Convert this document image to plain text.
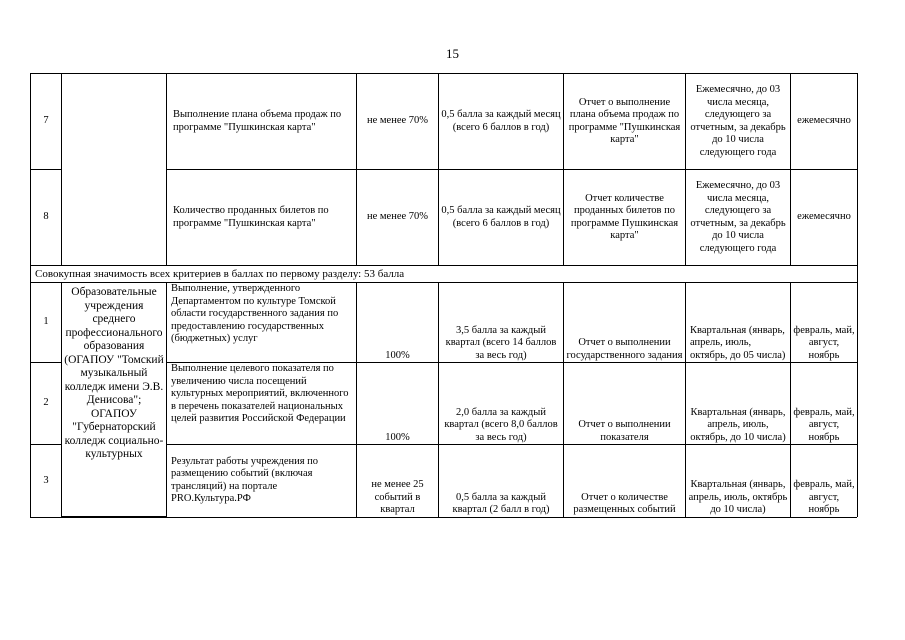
15
7		Выполнение плана объема продаж по программе "Пушкинская карта"	не менее 70%	0,5 балла за каждый месяц (всего 6 баллов в год)	Отчет о выполнение плана объема продаж по программе "Пушкинская карта"	Ежемесячно, до 03 числа месяца, следующего за отчетным, за декабрь до 10 числа следующего года	ежемесячно
8		Количество проданных билетов по программе "Пушкинская карта"	не менее 70%	0,5 балла за каждый месяц (всего 6 баллов в год)	Отчет количестве проданных билетов по программе Пушкинская карта"	Ежемесячно, до 03 числа месяца, следующего за отчетным, за декабрь до 10 числа следующего года	ежемесячно
Совокупная значимость всех критериев в баллах по первому разделу: 53 балла							
1	Образовательные учреждения среднего профессионального образования (ОГАПОУ "Томский музыкальный колледж имени Э.В. Денисова"; ОГАПОУ "Губернаторский колледж социально-культурных	Выполнение, утвержденного Департаментом по культуре Томской области государственного задания по предоставлению государственных (бюджетных) услуг	100%	3,5 балла за каждый квартал (всего 14 баллов за весь год)	Отчет о выполнении государственного задания	Квартальная (январь, апрель, июль, октябрь, до 05 числа)	февраль, май, август, ноябрь
2		Выполнение целевого показателя по увеличению числа посещений культурных мероприятий, включенного в перечень показателей национальных целей развития Российской Федерации	100%	2,0 балла за каждый квартал (всего 8,0 баллов за весь год)	Отчет о выполнении показателя	Квартальная (январь, апрель, июль, октябрь, до 10 числа)	февраль, май, август, ноябрь
3		Результат работы учреждения по размещению событий (включая трансляций) на портале PRO.Культура.РФ	не менее 25 событий в квартал	0,5 балла за каждый квартал (2 балл в год)	Отчет о количестве размещенных событий	Квартальная (январь, апрель, июль, октябрь до 10 числа)	февраль, май, август, ноябрь
